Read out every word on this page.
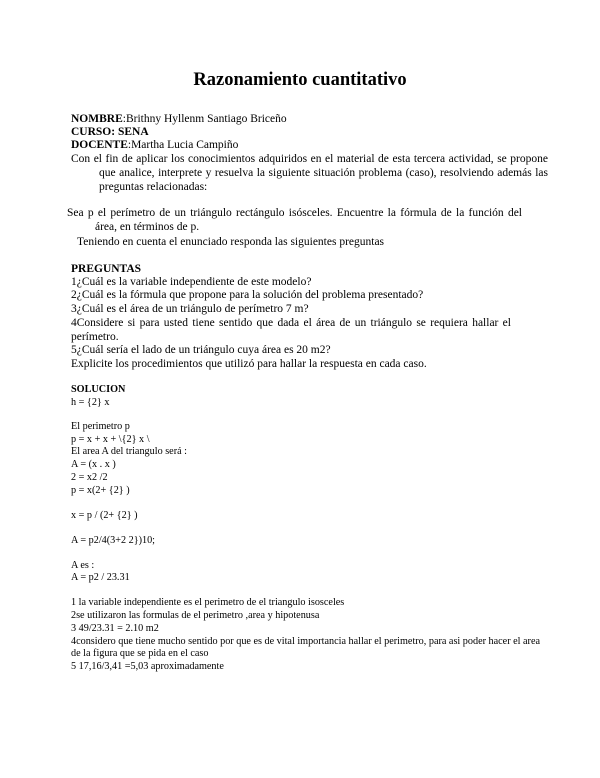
Razonamiento cuantitativo
NOMBRE:Brithny Hyllenm Santiago Briceño
CURSO: SENA
DOCENTE:Martha Lucia Campiño
Con el fin de aplicar los conocimientos adquiridos en el material de esta tercera actividad, se propone que analice, interprete y resuelva la siguiente situación problema (caso), resolviendo además las preguntas relacionadas:
Sea p el perímetro de un triángulo rectángulo isósceles. Encuentre la fórmula de la función del área, en términos de p.
Teniendo en cuenta el enunciado responda las siguientes preguntas
PREGUNTAS
1¿Cuál es la variable independiente de este modelo?
2¿Cuál es la fórmula que propone para la solución del problema presentado?
3¿Cuál es el área de un triángulo de perímetro 7 m?
4Considere si para usted tiene sentido que dada el área de un triángulo se requiera hallar el perímetro.
5¿Cuál sería el lado de un triángulo cuya área es 20 m2?
Explicite los procedimientos que utilizó para hallar la respuesta en cada caso.
SOLUCION
h = {2} x
El perimetro p
p = x + x + \{2} x \
El area A del triangulo será :
A = (x . x )
2 = x2 /2
p = x(2+ {2} )
x = p / (2+ {2} )
A = p2/4(3+2 2})10;
A es :
A = p2 / 23.31
1 la variable independiente es el perimetro de el triangulo isosceles
2se utilizaron las formulas de el perimetro ,area y hipotenusa
3 49/23.31 = 2.10 m2
4considero que tiene mucho sentido por que es de vital importancia hallar el perimetro, para asi poder hacer el area de la figura que se pida en el caso
5 17,16/3,41 =5,03 aproximadamente
